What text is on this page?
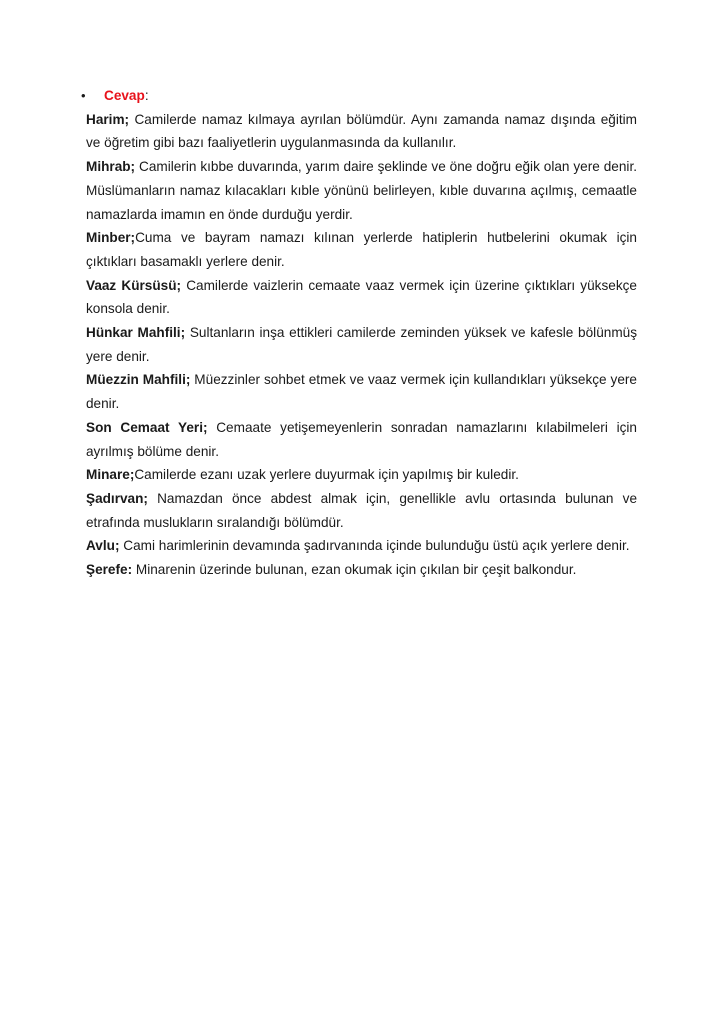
• Cevap:

Harim; Camilerde namaz kılmaya ayrılan bölümdür. Aynı zamanda namaz dışında eğitim ve öğretim gibi bazı faaliyetlerin uygulanmasında da kullanılır.

Mihrab; Camilerin kıbbe duvarında, yarım daire şeklinde ve öne doğru eğik olan yere denir. Müslümanların namaz kılacakları kıble yönünü belirleyen, kıble duvarına açılmış, cemaatle namazlarda imamın en önde durduğu yerdir.

Minber;Cuma ve bayram namazı kılınan yerlerde hatiplerin hutbelerini okumak için çıktıkları basamaklı yerlere denir.

Vaaz Kürsüsü; Camilerde vaizlerin cemaate vaaz vermek için üzerine çıktıkları yüksekçe konsola denir.

Hünkar Mahfili; Sultanların inşa ettikleri camilerde zeminden yüksek ve kafesle bölünmüş yere denir.

Müezzin Mahfili; Müezzinler sohbet etmek ve vaaz vermek için kullandıkları yüksekçe yere denir.

Son Cemaat Yeri; Cemaate yetişemeyenlerin sonradan namazlarını kılabilmeleri için ayrılmış bölüme denir.

Minare;Camilerde ezanı uzak yerlere duyurmak için yapılmış bir kuledir.

Şadırvan; Namazdan önce abdest almak için, genellikle avlu ortasında bulunan ve etrafında muslukların sıralandığı bölümdür.

Avlu; Cami harimlerinin devamında şadırvanında içinde bulunduğu üstü açık yerlere denir.

Şerefe: Minarenin üzerinde bulunan, ezan okumak için çıkılan bir çeşit balkondur.
